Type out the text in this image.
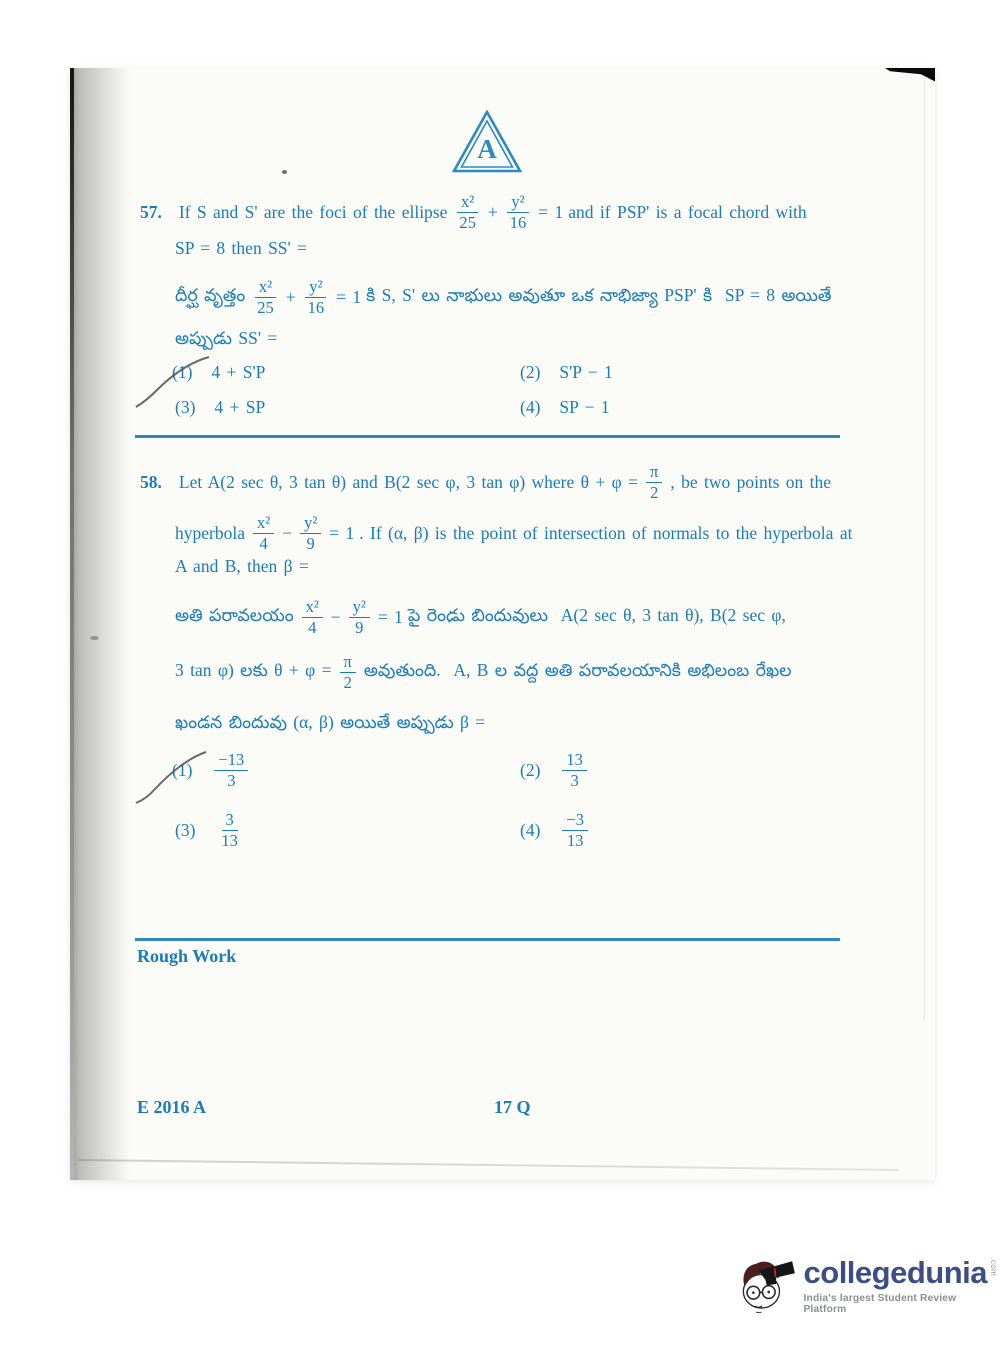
A
57. If S and S' are the foci of the ellipse $\frac{\text{x²}}{25} + \frac{\text{y²}}{16} = 1$ and if PSP' is a focal chord with
SP = 8 then SS' =
దీర్ఘ వృత్తం $\frac{\text{x²}}{25} + \frac{\text{y²}}{16} = 1$ కి S, S' లు నాభులు అవుతూ ఒక నాభిజ్యా PSP' కి  SP = 8 అయితే
అప్పుడు SS' =
(1) 4 + S'P	(2) S'P − 1
(3) 4 + SP	(4) SP − 1
58. Let A(2 sec θ, 3 tan θ) and B(2 sec φ, 3 tan φ) where $\theta + \varphi = \frac{\pi}{2}$ , be two points on the
hyperbola $\frac{\text{x²}}{4} - \frac{\text{y²}}{9} = 1$ . If (α, β) is the point of intersection of normals to the hyperbola at
A and B, then β =
అతి పరావలయం $\frac{\text{x²}}{4} - \frac{\text{y²}}{9} = 1$ పై రెండు బిందువులు  A(2 sec θ, 3 tan θ), B(2 sec φ,
3 tan φ) లకు $\theta + \varphi = \frac{\pi}{2}$ అవుతుంది.  A, B ల వద్ద అతి పరావలయానికి అభిలంబ రేఖల
ఖండన బిందువు (α, β) అయితే అప్పుడు β =
$(1) \frac{-13}{3}$	$(2) \frac{13}{3}$
$(3) \frac{3}{13}$	$(4) \frac{-3}{13}$
Rough Work
E 2016 A	17 Q
collegedunia .com
India's largest Student Review Platform
